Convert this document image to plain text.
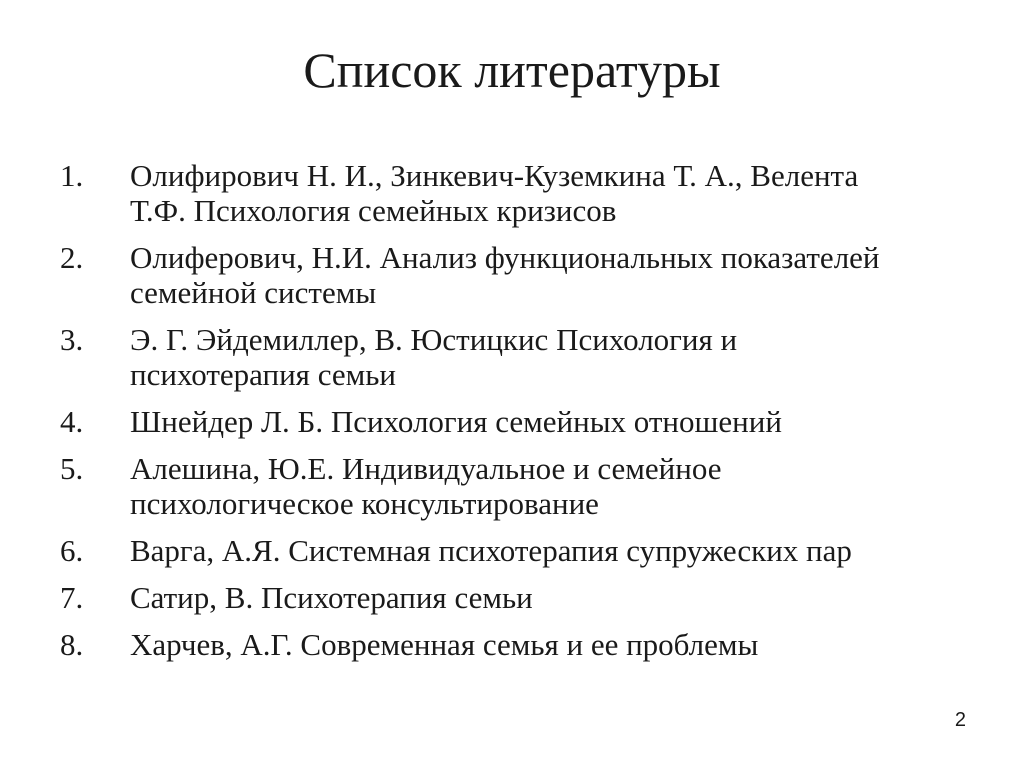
Список литературы
1.	Олифирович Н. И., Зинкевич-Куземкина Т. А., Велента
Т.Ф. Психология семейных кризисов
2.	Олиферович, Н.И. Анализ функциональных показателей
семейной системы
3.	Э. Г. Эйдемиллер, В. Юстицкис Психология и
психотерапия семьи
4.	Шнейдер Л. Б. Психология семейных отношений
5.	Алешина, Ю.Е. Индивидуальное и семейное
психологическое консультирование
6.	Варга, А.Я. Системная психотерапия супружеских пар
7.	Сатир, В. Психотерапия семьи
8.	Харчев, А.Г. Современная семья и ее проблемы
2
